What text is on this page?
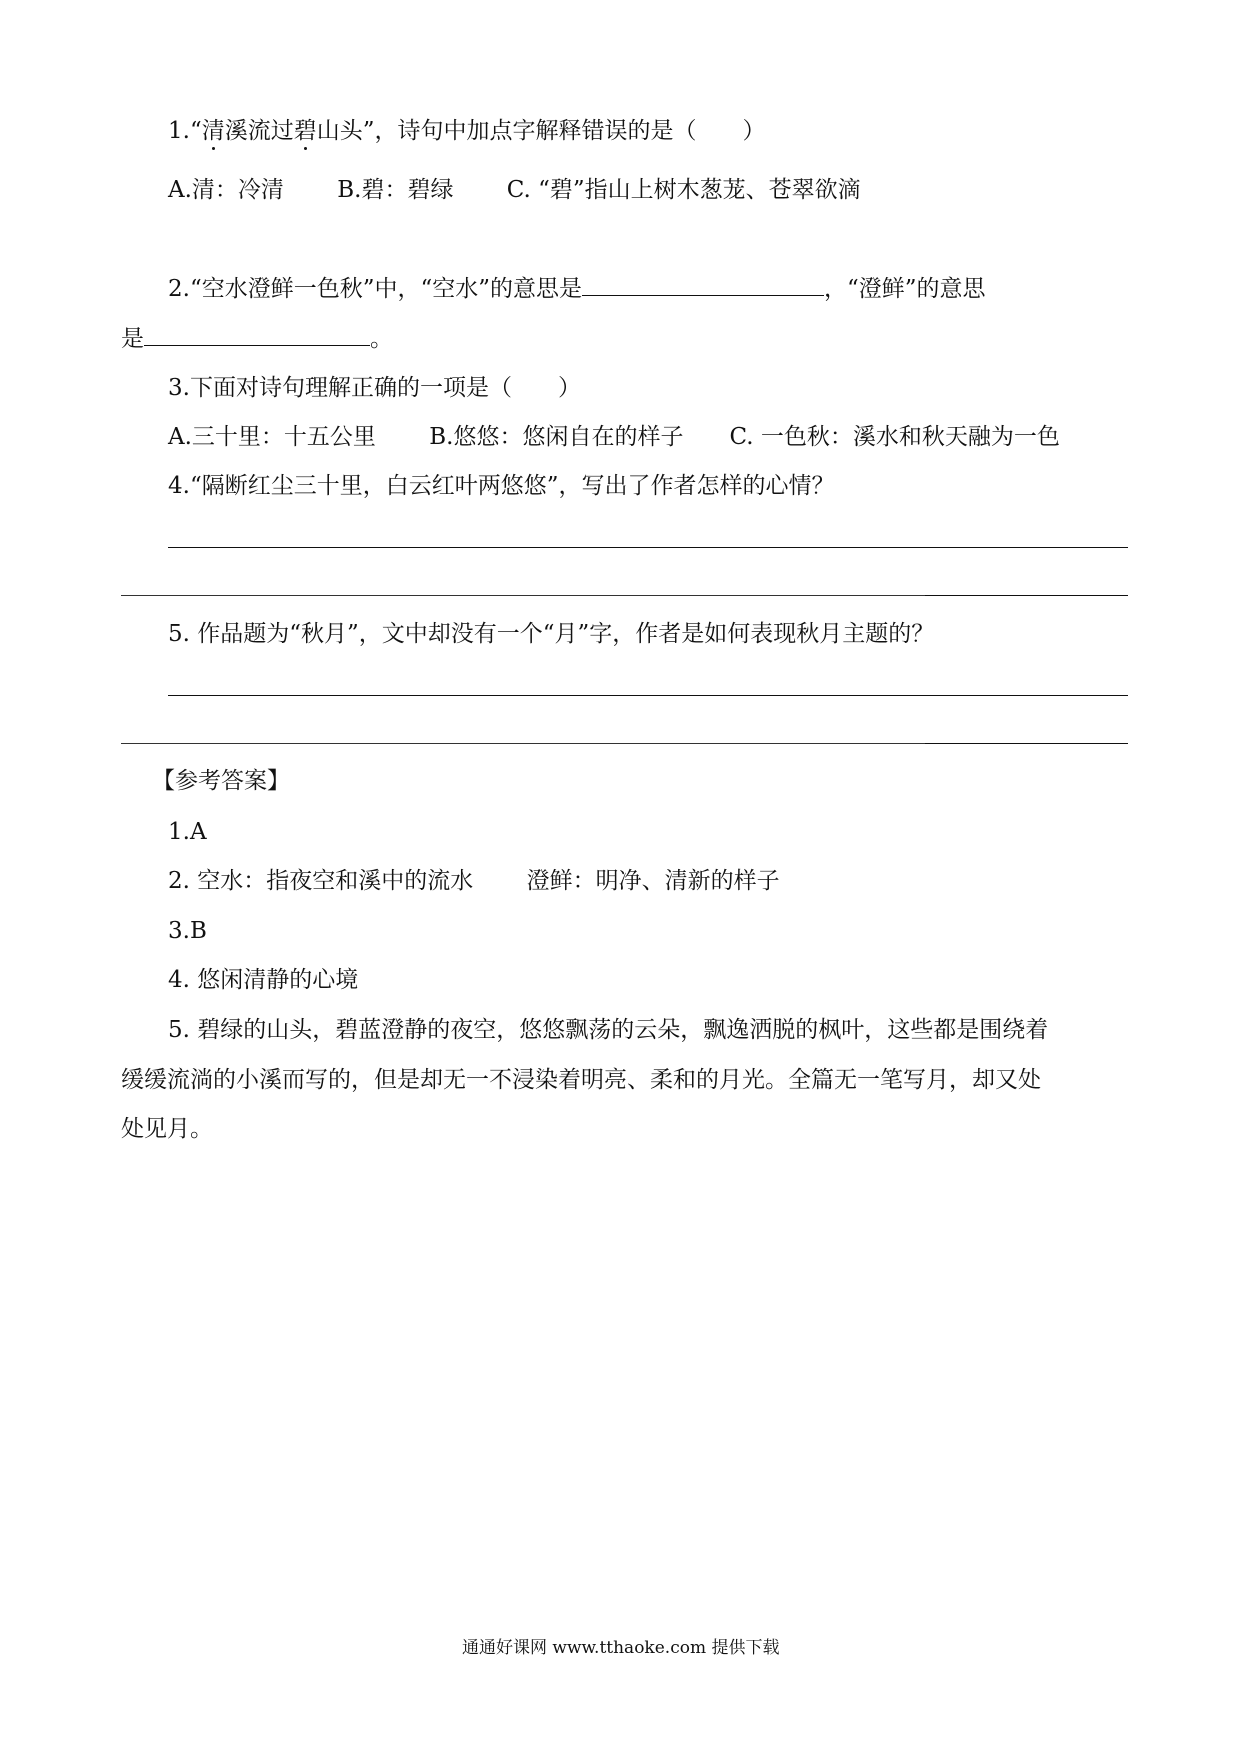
1.“清溪流过碧山头”，诗句中加点字解释错误的是（　　）
A.清：冷清　　 B.碧：碧绿　　 C. “碧”指山上树木葱茏、苍翠欲滴
2.“空水澄鲜一色秋”中，“空水”的意思是	，“澄鲜”的意思
是	。
3.下面对诗句理解正确的一项是（　　）
A.三十里：十五公里　　 B.悠悠：悠闲自在的样子　　C. 一色秋：溪水和秋天融为一色
4.“隔断红尘三十里，白云红叶两悠悠”，写出了作者怎样的心情？
5. 作品题为“秋月”，文中却没有一个“月”字，作者是如何表现秋月主题的？
【参考答案】
1.A
2. 空水：指夜空和溪中的流水　　 澄鲜：明净、清新的样子
3.B
4. 悠闲清静的心境
5. 碧绿的山头，碧蓝澄静的夜空，悠悠飘荡的云朵，飘逸洒脱的枫叶，这些都是围绕着
缓缓流淌的小溪而写的，但是却无一不浸染着明亮、柔和的月光。全篇无一笔写月，却又处
处见月。
通通好课网 www.tthaoke.com 提供下载
